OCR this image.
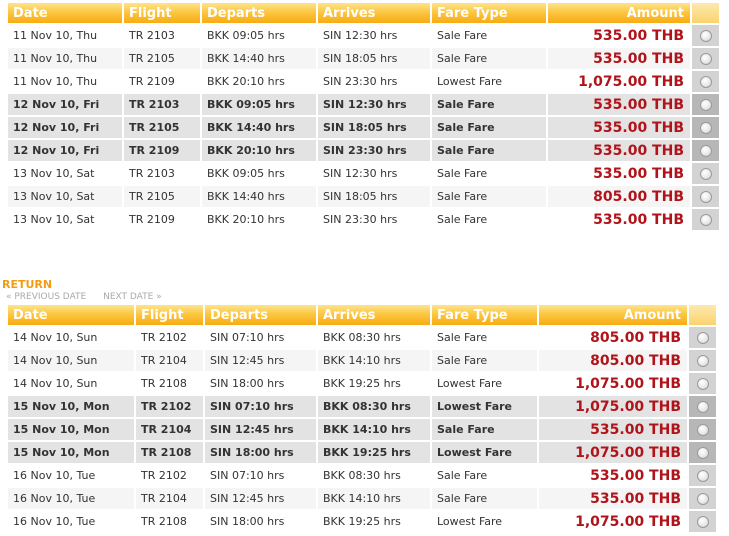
Date	Flight	Departs	Arrives	Fare Type	Amount	
11 Nov 10, Thu	TR 2103	BKK 09:05 hrs	SIN 12:30 hrs	Sale Fare	535.00 THB	
11 Nov 10, Thu	TR 2105	BKK 14:40 hrs	SIN 18:05 hrs	Sale Fare	535.00 THB	
11 Nov 10, Thu	TR 2109	BKK 20:10 hrs	SIN 23:30 hrs	Lowest Fare	1,075.00 THB	
12 Nov 10, Fri	TR 2103	BKK 09:05 hrs	SIN 12:30 hrs	Sale Fare	535.00 THB	
12 Nov 10, Fri	TR 2105	BKK 14:40 hrs	SIN 18:05 hrs	Sale Fare	535.00 THB	
12 Nov 10, Fri	TR 2109	BKK 20:10 hrs	SIN 23:30 hrs	Sale Fare	535.00 THB	
13 Nov 10, Sat	TR 2103	BKK 09:05 hrs	SIN 12:30 hrs	Sale Fare	535.00 THB	
13 Nov 10, Sat	TR 2105	BKK 14:40 hrs	SIN 18:05 hrs	Sale Fare	805.00 THB	
13 Nov 10, Sat	TR 2109	BKK 20:10 hrs	SIN 23:30 hrs	Sale Fare	535.00 THB	
RETURN
« PREVIOUS DATE NEXT DATE »
Date	Flight	Departs	Arrives	Fare Type	Amount	
14 Nov 10, Sun	TR 2102	SIN 07:10 hrs	BKK 08:30 hrs	Sale Fare	805.00 THB	
14 Nov 10, Sun	TR 2104	SIN 12:45 hrs	BKK 14:10 hrs	Sale Fare	805.00 THB	
14 Nov 10, Sun	TR 2108	SIN 18:00 hrs	BKK 19:25 hrs	Lowest Fare	1,075.00 THB	
15 Nov 10, Mon	TR 2102	SIN 07:10 hrs	BKK 08:30 hrs	Lowest Fare	1,075.00 THB	
15 Nov 10, Mon	TR 2104	SIN 12:45 hrs	BKK 14:10 hrs	Sale Fare	535.00 THB	
15 Nov 10, Mon	TR 2108	SIN 18:00 hrs	BKK 19:25 hrs	Lowest Fare	1,075.00 THB	
16 Nov 10, Tue	TR 2102	SIN 07:10 hrs	BKK 08:30 hrs	Sale Fare	535.00 THB	
16 Nov 10, Tue	TR 2104	SIN 12:45 hrs	BKK 14:10 hrs	Sale Fare	535.00 THB	
16 Nov 10, Tue	TR 2108	SIN 18:00 hrs	BKK 19:25 hrs	Lowest Fare	1,075.00 THB	
